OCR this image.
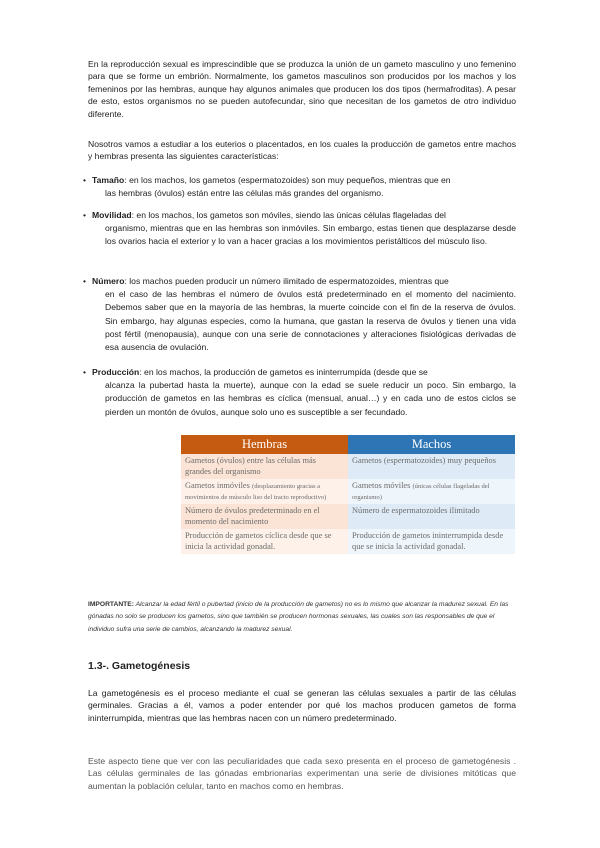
En la reproducción sexual es imprescindible que se produzca la unión de un gameto masculino y uno femenino para que se forme un embrión. Normalmente, los gametos masculinos son producidos por los machos y los femeninos por las hembras, aunque hay algunos animales que producen los dos tipos (hermafroditas). A pesar de esto, estos organismos no se pueden autofecundar, sino que necesitan de los gametos de otro individuo diferente.

Nosotros vamos a estudiar a los euterios o placentados, en los cuales la producción de gametos entre machos y hembras presenta las siguientes características:

• Tamaño: en los machos, los gametos (espermatozoides) son muy pequeños, mientras que en
las hembras (óvulos) están entre las células más grandes del organismo.
• Movilidad: en los machos, los gametos son móviles, siendo las únicas células flageladas del
organismo, mientras que en las hembras son inmóviles. Sin embargo, estas tienen que desplazarse desde los ovarios hacia el exterior y lo van a hacer gracias a los movimientos peristálticos del músculo liso.
• Número: los machos pueden producir un número ilimitado de espermatozoides, mientras que
en el caso de las hembras el número de óvulos está predeterminado en el momento del nacimiento. Debemos saber que en la mayoría de las hembras, la muerte coincide con el fin de la reserva de óvulos. Sin embargo, hay algunas especies, como la humana, que gastan la reserva de óvulos y tienen una vida post fértil (menopausia), aunque con una serie de connotaciones y alteraciones fisiológicas derivadas de esa ausencia de ovulación.
• Producción: en los machos, la producción de gametos es ininterrumpida (desde que se
alcanza la pubertad hasta la muerte), aunque con la edad se suele reducir un poco. Sin embargo, la producción de gametos en las hembras es cíclica (mensual, anual…) y en cada uno de estos ciclos se pierden un montón de óvulos, aunque solo uno es susceptible a ser fecundado.
Hembras	Machos
Gametos (óvulos) entre las células más grandes del organismo	Gametos (espermatozoides) muy pequeños
Gametos inmóviles (desplazamiento gracias a movimientos de músculo liso del tracto reproductivo)	Gametos móviles (únicas células flageladas del organismo)
Número de óvulos predeterminado en el momento del nacimiento	Número de espermatozoides ilimitado
Producción de gametos cíclica desde que se inicia la actividad gonadal.	Producción de gametos ininterrumpida desde que se inicia la actividad gonadal.

IMPORTANTE: Alcanzar la edad fértil o pubertad (inicio de la producción de gametos) no es lo mismo que alcanzar la madurez sexual. En las gónadas no solo se producen los gametos, sino que también se producen hormonas sexuales, las cuales son las responsables de que el individuo sufra una serie de cambios, alcanzando la madurez sexual.

1.3-. Gametogénesis

La gametogénesis es el proceso mediante el cual se generan las células sexuales a partir de las células germinales. Gracias a él, vamos a poder entender por qué los machos producen gametos de forma ininterrumpida, mientras que las hembras nacen con un número predeterminado.

Este aspecto tiene que ver con las peculiaridades que cada sexo presenta en el proceso de gametogénesis . Las células germinales de las gónadas embrionarias experimentan una serie de divisiones mitóticas que aumentan la población celular, tanto en machos como en hembras.
